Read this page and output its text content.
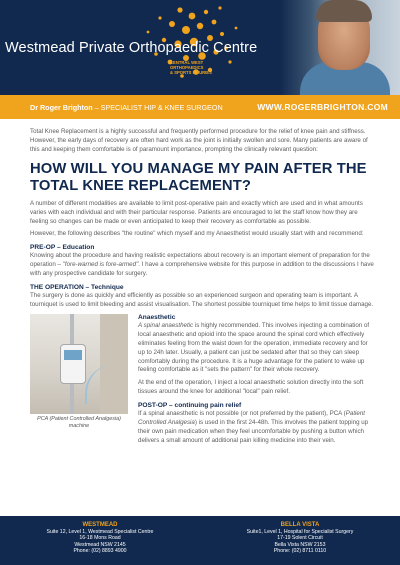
Westmead Private Orthopaedic Centre
CENTRAL WEST
ORTHOPAEDICS
& SPORTS INJURIES
Dr Roger Brighton – SPECIALIST HIP & KNEE SURGEON	WWW.ROGERBRIGHTON.COM

Total Knee Replacement is a highly successful and frequently performed procedure for the relief of knee pain and stiffness. However, the early days of recovery are often hard work as the joint is initially swollen and sore. Many patients are aware of this and keeping them comfortable is of paramount importance, prompting the clinically relevant question:

HOW WILL YOU MANAGE MY PAIN AFTER THE TOTAL KNEE REPLACEMENT?

A number of different modalities are available to limit post-operative pain and exactly which are used and in what amounts varies with each individual and with their particular response. Patients are encouraged to let the staff know how they are feeling so changes can be made or even anticipated to keep their recovery as comfortable as possible.

However, the following describes "the routine" which myself and my Anaesthetist would usually start with and recommend:

PRE-OP – Education

Knowing about the procedure and having realistic expectations about recovery is an important element of preparation for the operation – "fore-warned is fore-armed". I have a comprehensive website for this purpose in addition to the discussions I have with any prospective candidate for surgery.

THE OPERATION – Technique

The surgery is done as quickly and efficiently as possible so an experienced surgeon and operating team is important. A tourniquet is used to limit bleeding and assist visualisation. The shortest possible tourniquet time helps to limit tissue damage.

PCA (Patient Controlled Analgesia) machine
Anaesthetic

A spinal anaesthetic is highly recommended. This involves injecting a combination of local anaesthetic and opioid into the space around the spinal cord which effectively eliminates feeling from the waist down for the operation, immediate recovery and for up to 24h later. Usually, a patient can just be sedated after that so they can sleep comfortably during the procedure. It is a huge advantage for the patient to wake up feeling comfortable as it "sets the pattern" for their whole recovery.

At the end of the operation, I inject a local anaesthetic solution directly into the soft tissues around the knee for additional "local" pain relief.

POST-OP – continuing pain relief

If a spinal anaesthetic is not possible (or not preferred by the patient), PCA (Patient Controlled Analgesia) is used in the first 24-48h. This involves the patient topping up their own pain medication when they feel uncomfortable by pushing a button which delivers a small amount of additional pain killing medicine into their vein.

WESTMEAD
Suite 12, Level 1, Westmead Specialist Centre
16-18 Mons Road
Westmead NSW 2145
Phone: (02) 8893 4900
BELLA VISTA
Suite1, Level 1, Hospital for Specialist Surgery
17-19 Solent Circuit
Bella Vista NSW 2153
Phone: (02) 8711 0110
